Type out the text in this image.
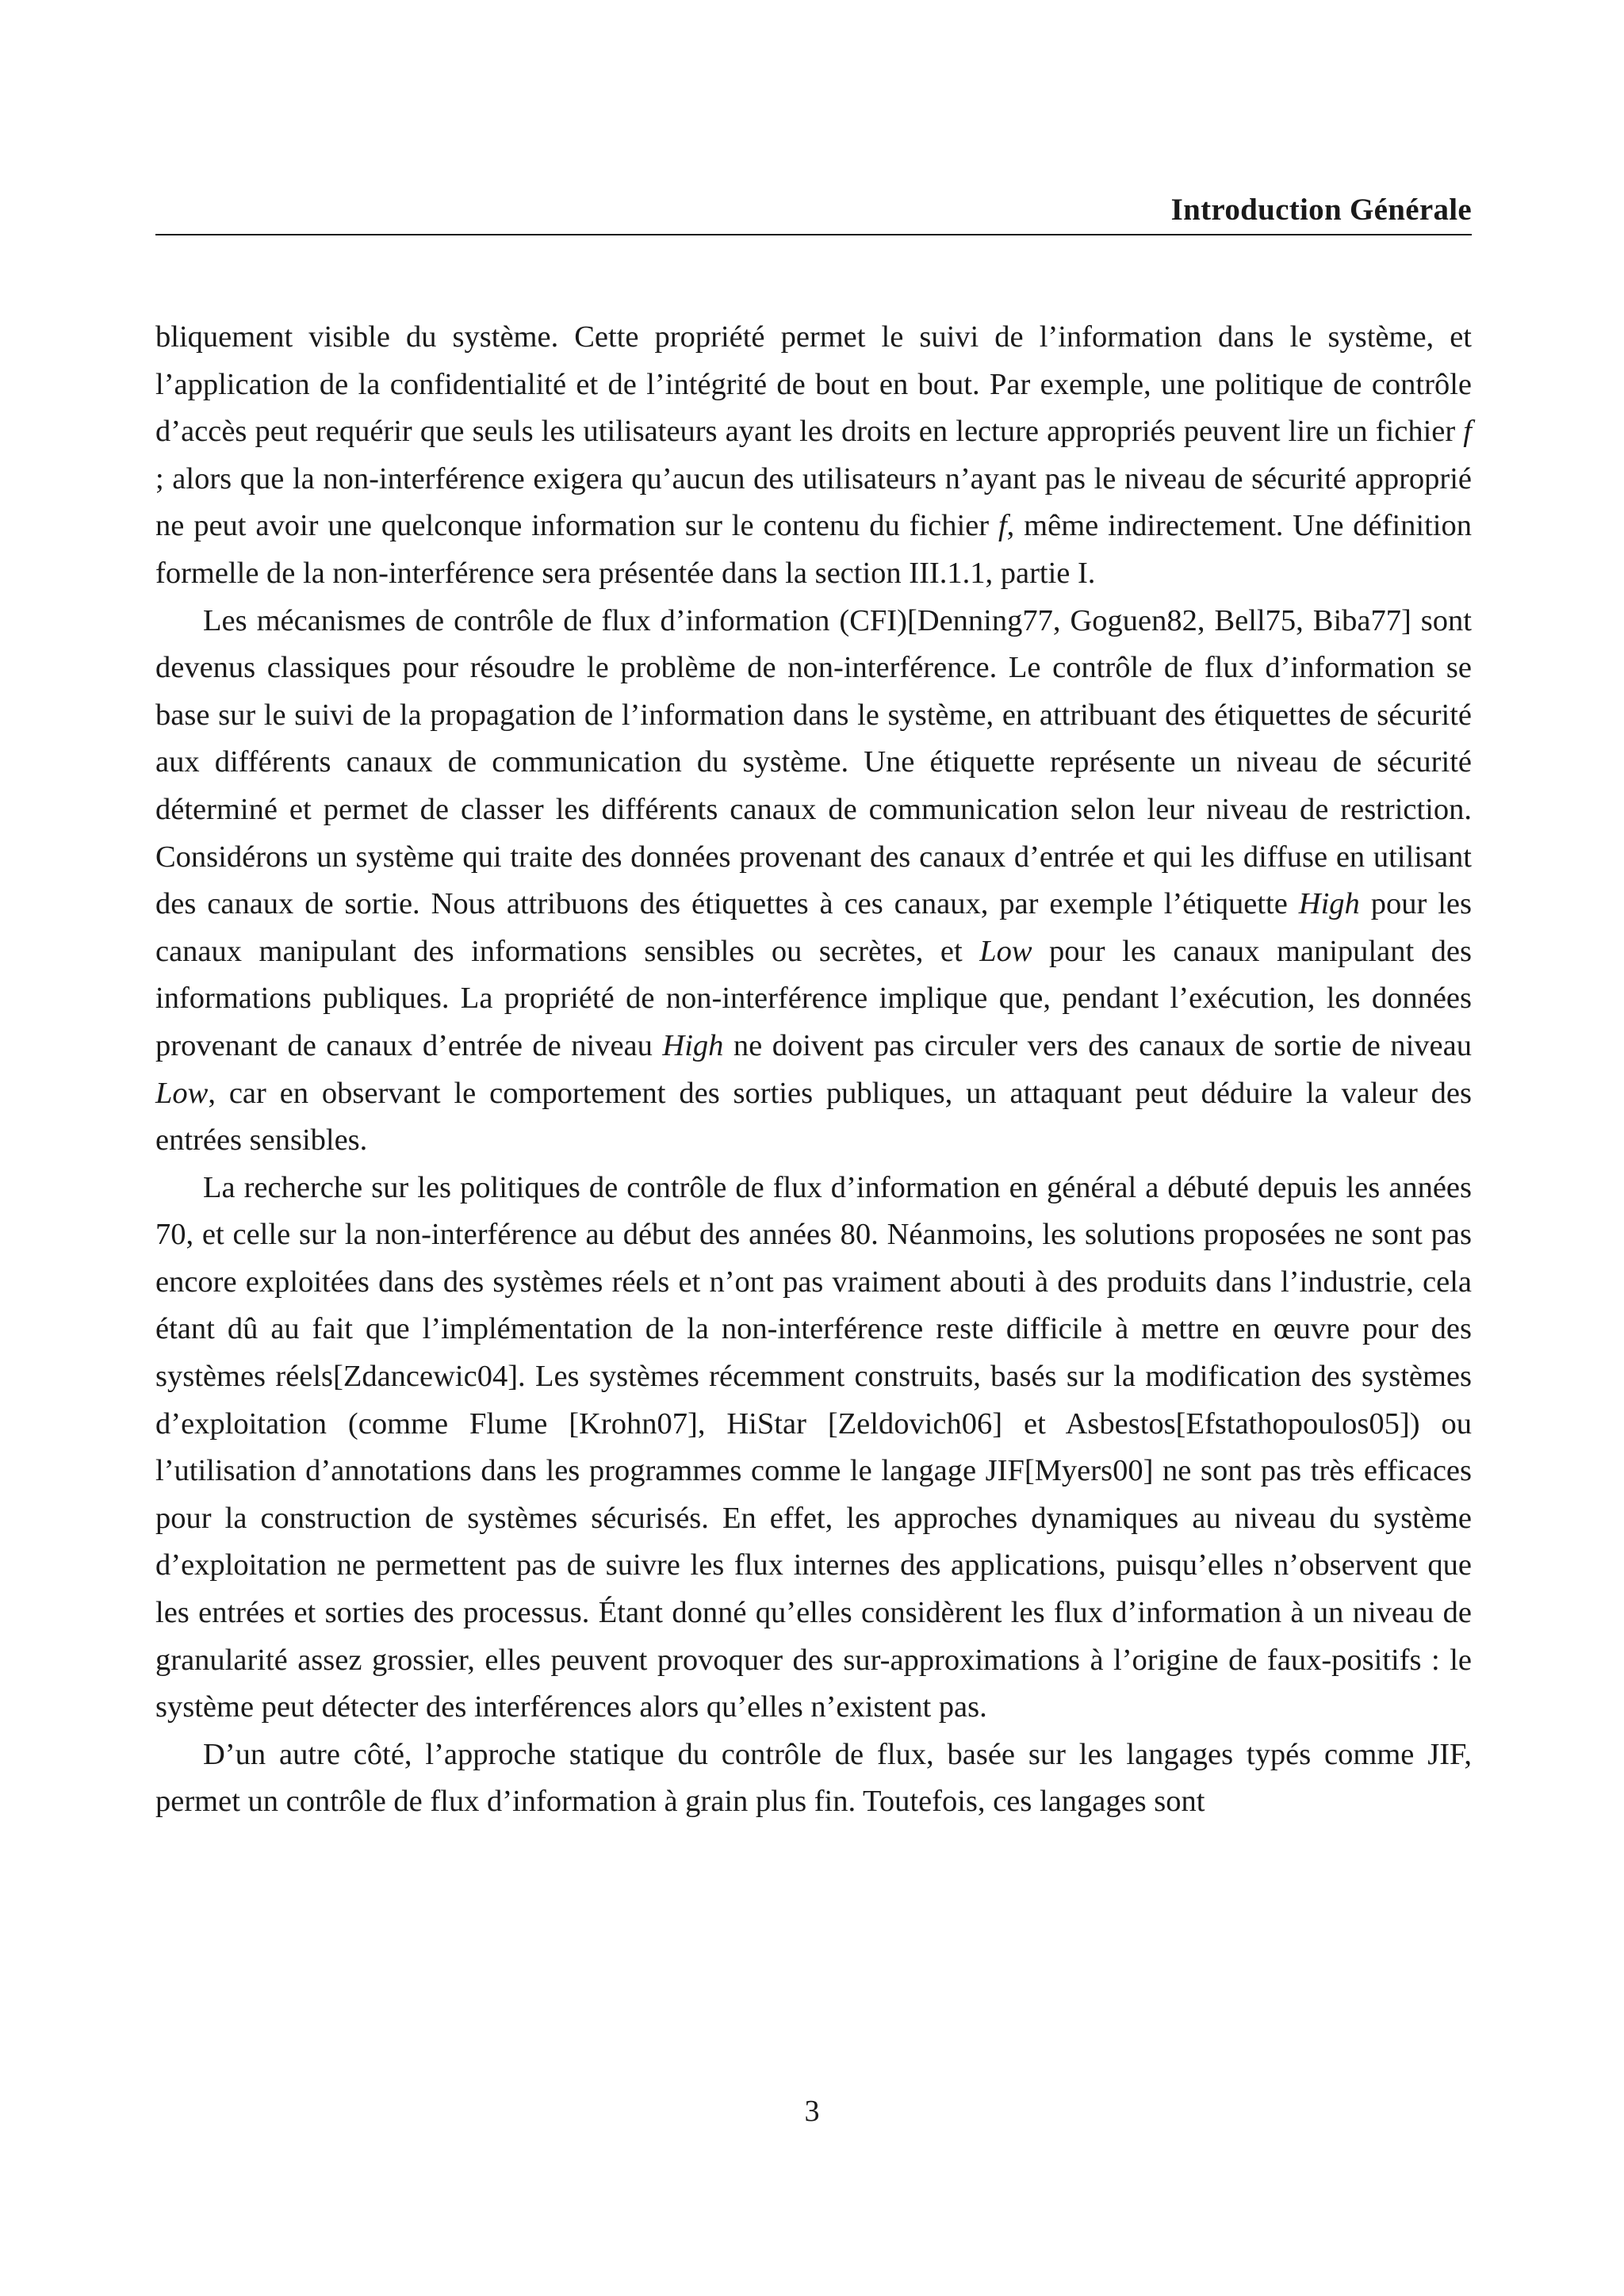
Introduction Générale

bliquement visible du système. Cette propriété permet le suivi de l’information dans le système, et l’application de la confidentialité et de l’intégrité de bout en bout. Par exemple, une politique de contrôle d’accès peut requérir que seuls les utilisateurs ayant les droits en lecture appropriés peuvent lire un fichier f ; alors que la non-interférence exigera qu’aucun des utilisateurs n’ayant pas le niveau de sécurité approprié ne peut avoir une quelconque information sur le contenu du fichier f, même indirectement. Une définition formelle de la non-interférence sera présentée dans la section III.1.1, partie I.

Les mécanismes de contrôle de flux d’information (CFI)[Denning77, Goguen82, Bell75, Biba77] sont devenus classiques pour résoudre le problème de non-interférence. Le contrôle de flux d’information se base sur le suivi de la propagation de l’information dans le système, en attribuant des étiquettes de sécurité aux différents canaux de communication du système. Une étiquette représente un niveau de sécurité déterminé et permet de classer les différents canaux de communication selon leur niveau de restriction. Considérons un système qui traite des données provenant des canaux d’entrée et qui les diffuse en utilisant des canaux de sortie. Nous attribuons des étiquettes à ces canaux, par exemple l’étiquette High pour les canaux manipulant des informations sensibles ou secrètes, et Low pour les canaux manipulant des informations publiques. La propriété de non-interférence implique que, pendant l’exécution, les données provenant de canaux d’entrée de niveau High ne doivent pas circuler vers des canaux de sortie de niveau Low, car en observant le comportement des sorties publiques, un attaquant peut déduire la valeur des entrées sensibles.

La recherche sur les politiques de contrôle de flux d’information en général a débuté depuis les années 70, et celle sur la non-interférence au début des années 80. Néanmoins, les solutions proposées ne sont pas encore exploitées dans des systèmes réels et n’ont pas vraiment abouti à des produits dans l’industrie, cela étant dû au fait que l’implémentation de la non-interférence reste difficile à mettre en œuvre pour des systèmes réels[Zdancewic04]. Les systèmes récemment construits, basés sur la modification des systèmes d’exploitation (comme Flume [Krohn07], HiStar [Zeldovich06] et Asbestos[Efstathopoulos05]) ou l’utilisation d’annotations dans les programmes comme le langage JIF[Myers00] ne sont pas très efficaces pour la construction de systèmes sécurisés. En effet, les approches dynamiques au niveau du système d’exploitation ne permettent pas de suivre les flux internes des applications, puisqu’elles n’observent que les entrées et sorties des processus. Étant donné qu’elles considèrent les flux d’information à un niveau de granularité assez grossier, elles peuvent provoquer des sur-approximations à l’origine de faux-positifs : le système peut détecter des interférences alors qu’elles n’existent pas.

D’un autre côté, l’approche statique du contrôle de flux, basée sur les langages typés comme JIF, permet un contrôle de flux d’information à grain plus fin. Toutefois, ces langages sont

3
